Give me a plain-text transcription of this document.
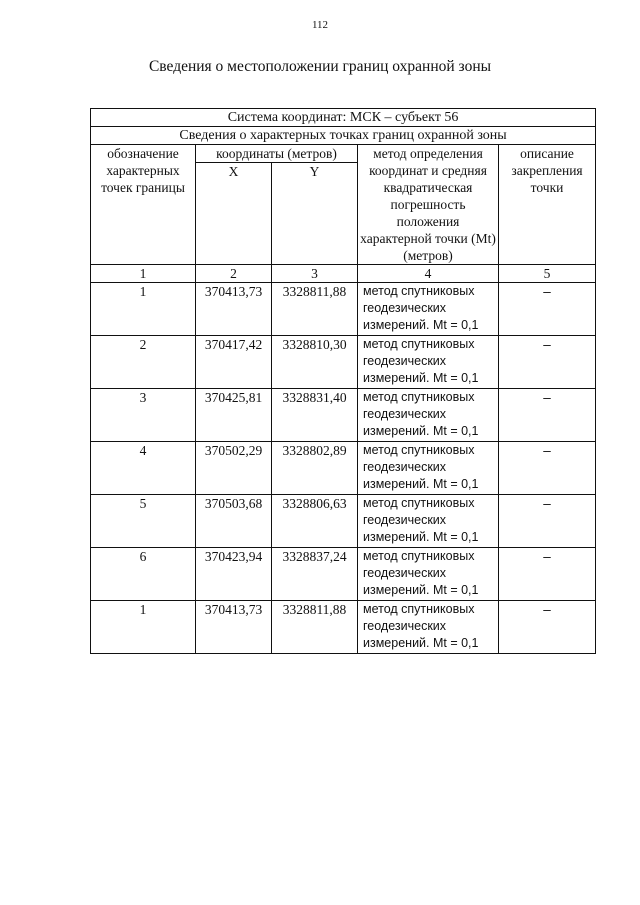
112
Сведения о местоположении границ охранной зоны
Система координат: МСК – субъект 56				
Сведения о характерных точках границ охранной зоны				
обозначение характерных точек границы	координаты (метров)		метод определения координат и средняя квадратическая погрешность положения характерной точки (Mt) (метров)	описание закрепления точки
	X	Y		
1	2	3	4	5
1	370413,73	3328811,88	метод спутниковых
геодезических
измерений. Mt = 0,1	–
2	370417,42	3328810,30	метод спутниковых
геодезических
измерений. Mt = 0,1	–
3	370425,81	3328831,40	метод спутниковых
геодезических
измерений. Mt = 0,1	–
4	370502,29	3328802,89	метод спутниковых
геодезических
измерений. Mt = 0,1	–
5	370503,68	3328806,63	метод спутниковых
геодезических
измерений. Mt = 0,1	–
6	370423,94	3328837,24	метод спутниковых
геодезических
измерений. Mt = 0,1	–
1	370413,73	3328811,88	метод спутниковых
геодезических
измерений. Mt = 0,1	–
